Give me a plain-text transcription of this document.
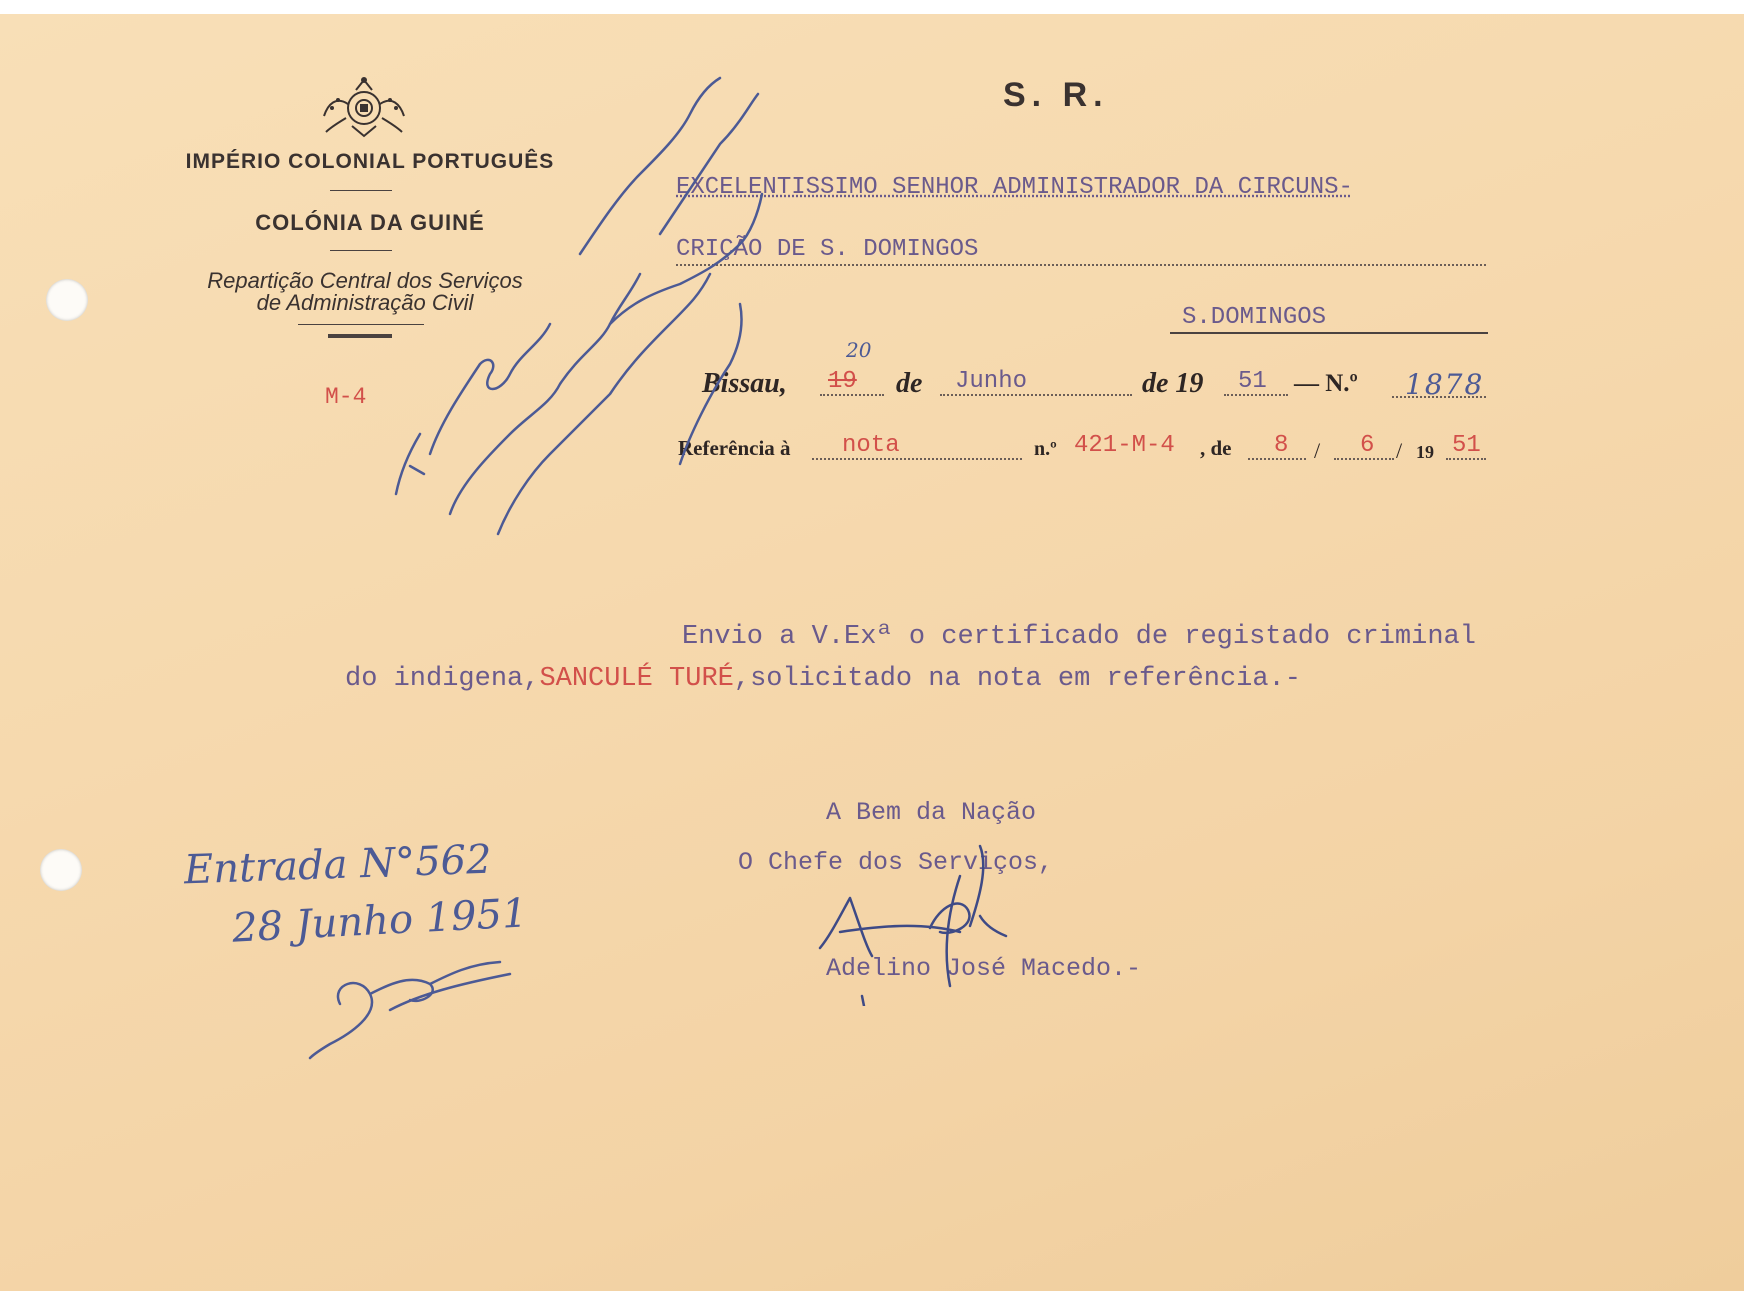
IMPÉRIO COLONIAL PORTUGUÊS
COLÓNIA DA GUINÉ
Repartição Central dos Serviços
de Administração Civil
M-4
S. R.
EXCELENTISSIMO SENHOR ADMINISTRADOR DA CIRCUNS-
CRIÇÃO DE S. DOMINGOS
S.DOMINGOS
Bissau, 19
20
de Junho	de 19 51 — N.º 1878
Referência à nota	n.º 421-M-4 , de 8 / 6 / 19 51
Envio a V.Exª o certificado de registado criminal
do indigena,SANCULÉ TURÉ,solicitado na nota em referência.-
A Bem da Nação
O Chefe dos Serviços,
Adelino José Macedo.-
Entrada N°562
28 Junho 1951
